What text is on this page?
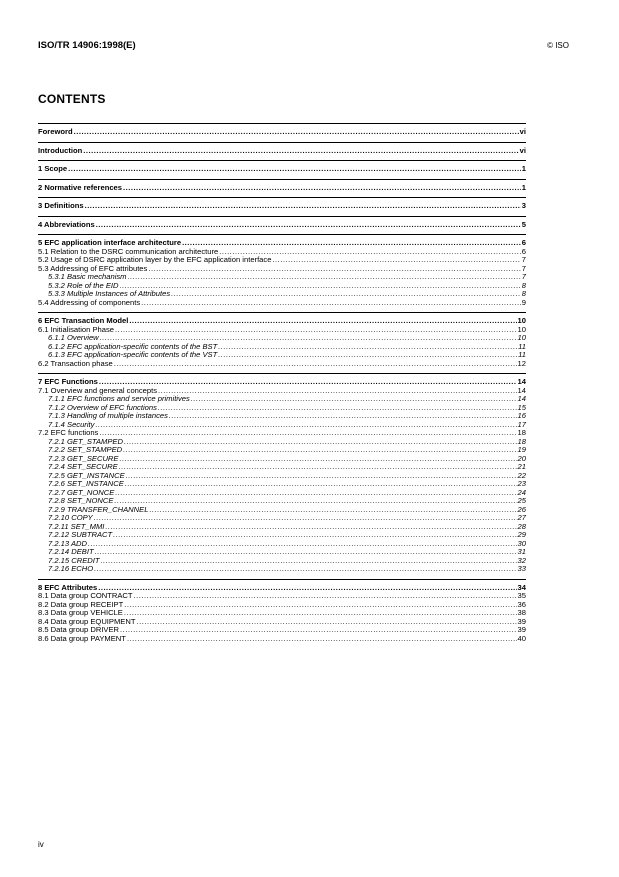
ISO/TR 14906:1998(E)	© ISO
CONTENTS
Foreword .....	vi
Introduction .....	vi
1 Scope .....	1
2 Normative references .....	1
3 Definitions .....	3
4 Abbreviations .....	5
5 EFC application interface architecture .....	6
5.1 Relation to the DSRC communication architecture .....	6
5.2 Usage of DSRC application layer by the EFC application interface .....	7
5.3 Addressing of EFC attributes .....	7
5.3.1 Basic mechanism .....	7
5.3.2 Role of the EID .....	8
5.3.3 Multiple Instances of Attributes .....	8
5.4 Addressing of components .....	9
6 EFC Transaction Model .....	10
6.1 Initialisation Phase .....	10
6.1.1 Overview .....	10
6.1.2 EFC application-specific contents of the BST .....	11
6.1.3 EFC application-specific contents of the VST .....	11
6.2 Transaction phase .....	12
7 EFC Functions .....	14
7.1 Overview and general concepts .....	14
7.1.1 EFC functions and service primitives .....	14
7.1.2 Overview of EFC functions .....	15
7.1.3 Handling of multiple instances .....	16
7.1.4 Security .....	17
7.2 EFC functions .....	18
7.2.1 GET_STAMPED .....	18
7.2.2 SET_STAMPED .....	19
7.2.3 GET_SECURE .....	20
7.2.4 SET_SECURE .....	21
7.2.5 GET_INSTANCE .....	22
7.2.6 SET_INSTANCE .....	23
7.2.7 GET_NONCE .....	24
7.2.8 SET_NONCE .....	25
7.2.9 TRANSFER_CHANNEL .....	26
7.2.10 COPY .....	27
7.2.11 SET_MMI .....	28
7.2.12 SUBTRACT .....	29
7.2.13 ADD .....	30
7.2.14 DEBIT .....	31
7.2.15 CREDIT .....	32
7.2.16 ECHO .....	33
8 EFC Attributes .....	34
8.1 Data group CONTRACT .....	35
8.2 Data group RECEIPT .....	36
8.3 Data group VEHICLE .....	38
8.4 Data group EQUIPMENT .....	39
8.5 Data group DRIVER .....	39
8.6 Data group PAYMENT .....	40
iv
